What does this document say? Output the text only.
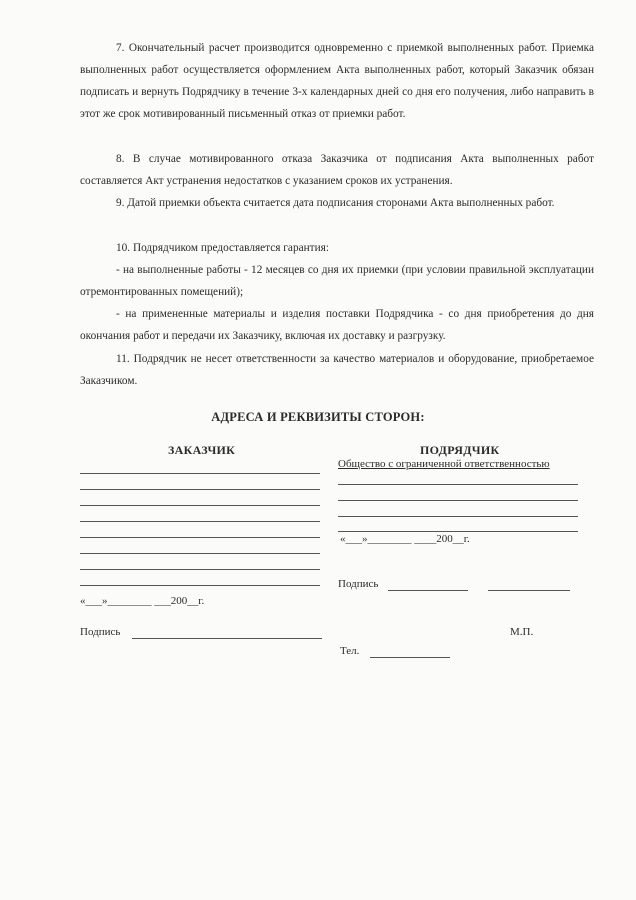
7. Окончательный расчет производится одновременно с приемкой выполненных работ. Приемка выполненных работ осуществляется оформлением Акта выполненных работ, который Заказчик обязан подписать и вернуть Подрядчику в течение 3-х календарных дней со дня его получения, либо направить в этот же срок мотивированный письменный отказ от приемки работ.

8. В случае мотивированного отказа Заказчика от подписания Акта выполненных работ составляется Акт устранения недостатков с указанием сроков их устранения.

9. Датой приемки объекта считается дата подписания сторонами Акта выполненных работ.

10. Подрядчиком предоставляется гарантия:

- на выполненные работы - 12 месяцев со дня их приемки (при условии правильной эксплуатации отремонтированных помещений);

- на примененные материалы и изделия поставки Подрядчика - со дня приобретения до дня окончания работ и передачи их Заказчику, включая их доставку и разгрузку.

11. Подрядчик не несет ответственности за качество материалов и оборудование, приобретаемое Заказчиком.

АДРЕСА И РЕКВИЗИТЫ СТОРОН:

ЗАКАЗЧИК

«___»________ ___200__г.

Подпись

ПОДРЯДЧИК

Общество с ограниченной ответственностью

«___»________ ____200__г.

Подпись

М.П.

Тел.
